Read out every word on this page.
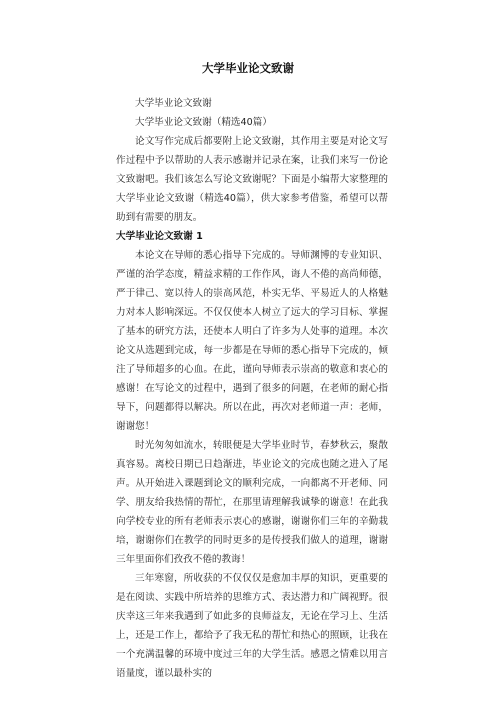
大学毕业论文致谢

大学毕业论文致谢

大学毕业论文致谢（精选40篇）

论文写作完成后都要附上论文致谢，其作用主要是对论文写作过程中予以帮助的人表示感谢并记录在案，让我们来写一份论文致谢吧。我们该怎么写论文致谢呢？下面是小编帮大家整理的大学毕业论文致谢（精选40篇），供大家参考借鉴，希望可以帮助到有需要的朋友。

大学毕业论文致谢 1

本论文在导师的悉心指导下完成的。导师渊博的专业知识、严谨的治学态度，精益求精的工作作风，诲人不倦的高尚师德，严于律己、宽以待人的崇高风范，朴实无华、平易近人的人格魅力对本人影响深远。不仅仅使本人树立了远大的学习目标、掌握了基本的研究方法，还使本人明白了许多为人处事的道理。本次论文从选题到完成，每一步都是在导师的悉心指导下完成的，倾注了导师超多的心血。在此，谨向导师表示崇高的敬意和衷心的感谢！在写论文的过程中，遇到了很多的问题，在老师的耐心指导下，问题都得以解决。所以在此，再次对老师道一声：老师，谢谢您！

时光匆匆如流水，转眼便是大学毕业时节，春梦秋云，聚散真容易。离校日期已日趋渐进，毕业论文的完成也随之进入了尾声。从开始进入课题到论文的顺利完成，一向都离不开老师、同学、朋友给我热情的帮忙，在那里请理解我诚挚的谢意！在此我向学校专业的所有老师表示衷心的感谢，谢谢你们三年的辛勤栽培，谢谢你们在教学的同时更多的是传授我们做人的道理，谢谢三年里面你们孜孜不倦的教诲！

三年寒窗，所收获的不仅仅仅是愈加丰厚的知识，更重要的是在阅读、实践中所培养的思维方式、表达潜力和广阔视野。很庆幸这三年来我遇到了如此多的良师益友，无论在学习上、生活上，还是工作上，都给予了我无私的帮忙和热心的照顾，让我在一个充满温馨的环境中度过三年的大学生活。感恩之情难以用言语量度，谨以最朴实的
